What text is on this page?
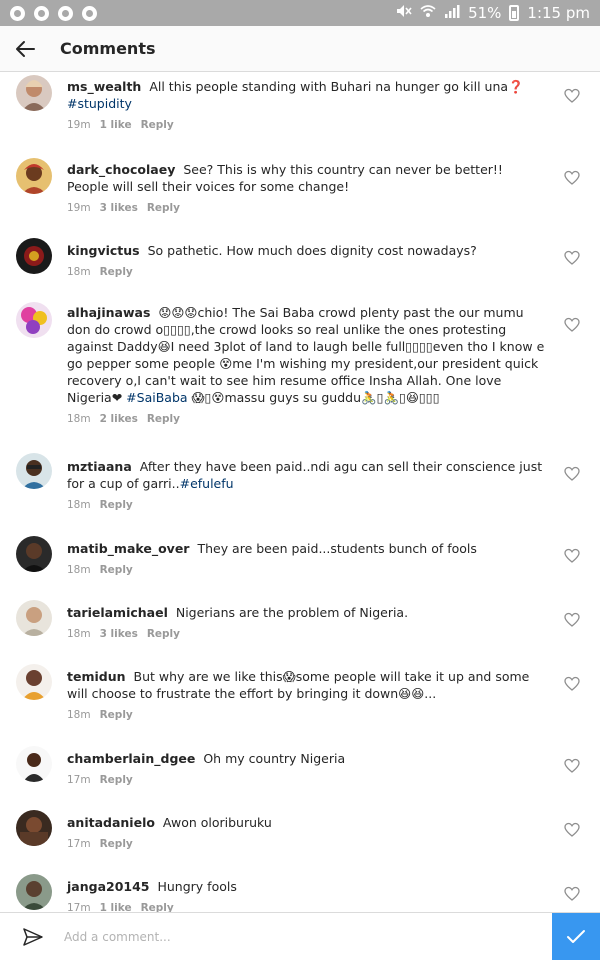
51% 1:15 pm
Comments
ms_wealth All this people standing with Buhari na hunger go kill una❓ #stupidity
19m 1 like Reply
dark_chocolaey See? This is why this country can never be better!! People will sell their voices for some change!
19m 3 likes Reply
kingvictus So pathetic. How much does dignity cost nowadays?
18m Reply
alhajinawas 😟😟😟chio! The Sai Baba crowd plenty past the our mumu don do crowd o▯▯▯▯,the crowd looks so real unlike the ones protesting against Daddy😆I need 3plot of land to laugh belle full▯▯▯▯even tho I know e go pepper some people 😵me I'm wishing my president,our president quick recovery o,I can't wait to see him resume office Insha Allah. One love Nigeria❤ #SaiBaba 😱▯😵massu guys su guddu🚴▯🚴▯😆▯▯▯
18m 2 likes Reply
mztiaana After they have been paid..ndi agu can sell their conscience just for a cup of garri..#efulefu
18m Reply
matib_make_over They are been paid...students bunch of fools
18m Reply
tarielamichael Nigerians are the problem of Nigeria.
18m 3 likes Reply
temidun But why are we like this😱some people will take it up and some will choose to frustrate the effort by bringing it down😆😆...
18m Reply
chamberlain_dgee Oh my country Nigeria
17m Reply
anitadanielo Awon oloriburuku
17m Reply
janga20145 Hungry fools
17m 1 like Reply
Add a comment...
